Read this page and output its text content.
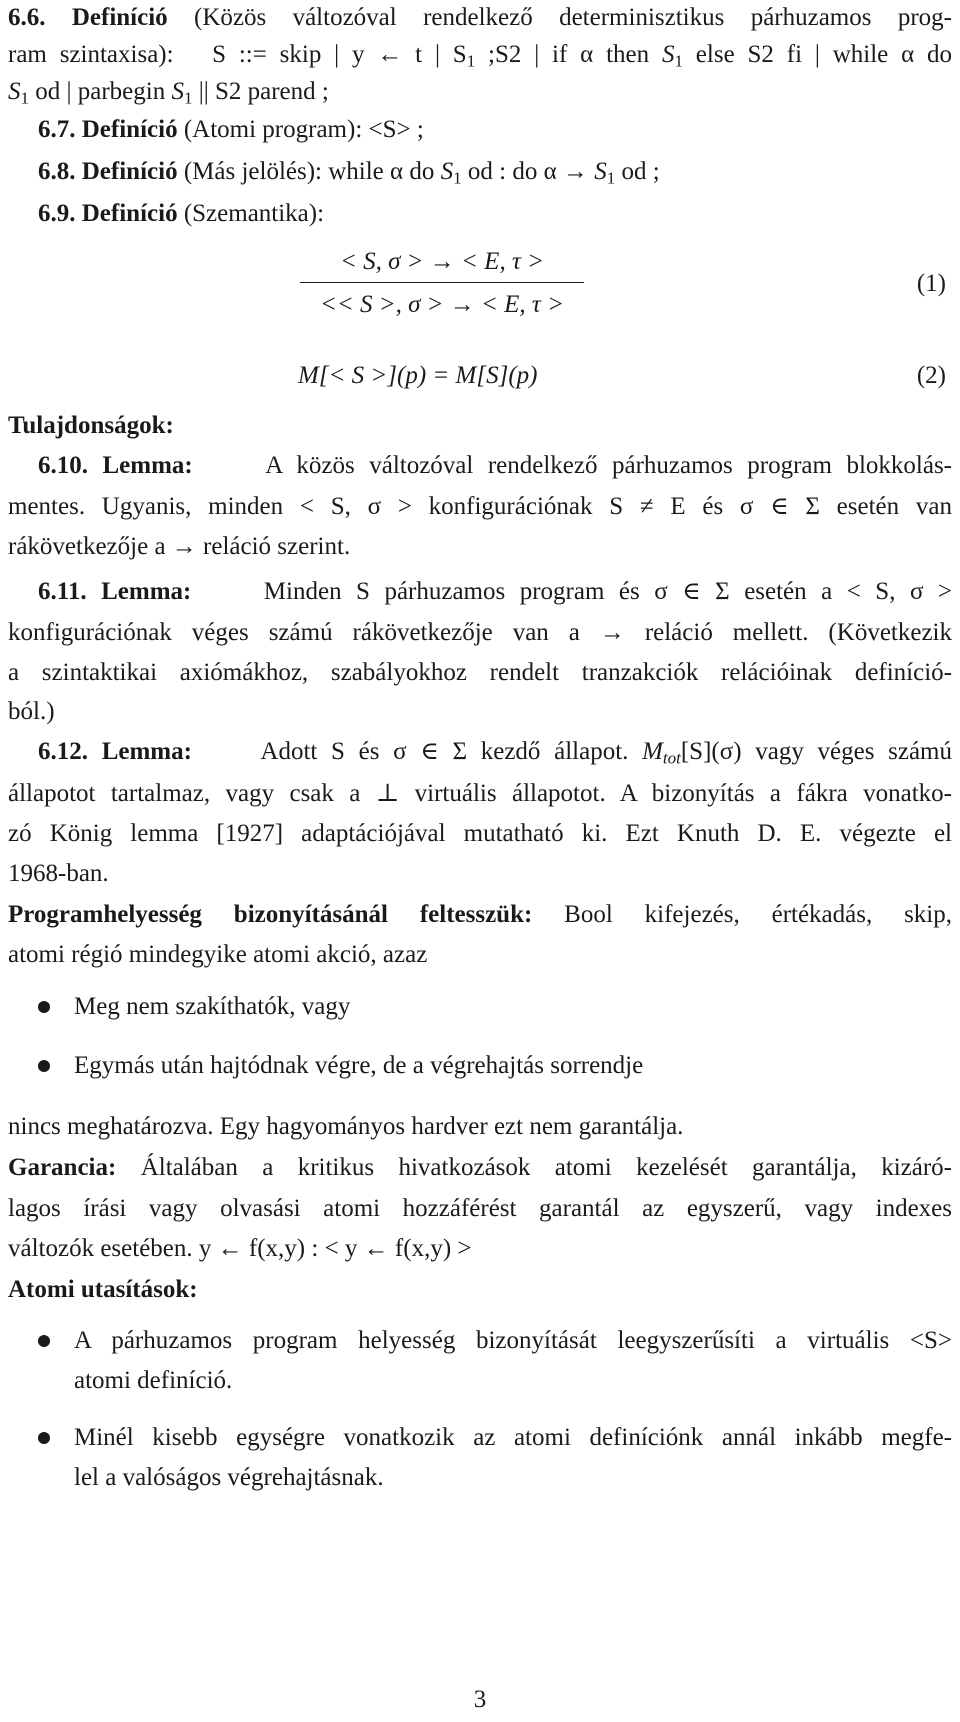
6.6. Definíció (Közös változóval rendelkező determinisztikus párhuzamos prog-
ram szintaxisa): S ::= skip | y ← t | $S_1$ ;S2 | if α then $S_1$ else S2 fi | while α do
$S_1$ od | parbegin $S_1$ || S2 parend ;
6.7. Definíció (Atomi program): <S> ;
6.8. Definíció (Más jelölés): while α do $S_1$ od : do $\alpha \to S_1$ od ;
6.9. Definíció (Szemantika):
$\frac{< S, \sigma > \to < E, \tau >}{<< S >, \sigma > \to < E, \tau >}$	(1)
M[< S >](p) = M[S](p)	(2)
Tulajdonságok:
6.10. Lemma:	A közös változóval rendelkező párhuzamos program blokkolás-
mentes. Ugyanis, minden < S, σ > konfigurációnak S ≠ E és σ ∈ Σ esetén van
rákövetkezője a → reláció szerint.
6.11. Lemma:	Minden S párhuzamos program és σ ∈ Σ esetén a < S, σ >
konfigurációnak véges számú rákövetkezője van a → reláció mellett. (Következik
a szintaktikai axiómákhoz, szabályokhoz rendelt tranzakciók relációinak definíció-
ból.)
6.12. Lemma:	Adott S és σ ∈ Σ kezdő állapot. $M_{tot}[S](\sigma)$ vagy véges számú
állapotot tartalmaz, vagy csak a ⊥ virtuális állapotot. A bizonyítás a fákra vonatko-
zó König lemma [1927] adaptációjával mutatható ki. Ezt Knuth D. E. végezte el
1968-ban.
Programhelyesség bizonyításánál feltesszük: Bool kifejezés, értékadás, skip,
atomi régió mindegyike atomi akció, azaz
Meg nem szakíthatók, vagy
Egymás után hajtódnak végre, de a végrehajtás sorrendje
nincs meghatározva. Egy hagyományos hardver ezt nem garantálja.
Garancia: Általában a kritikus hivatkozások atomi kezelését garantálja, kizáró-
lagos írási vagy olvasási atomi hozzáférést garantál az egyszerű, vagy indexes
változók esetében. y ← f(x,y) : < y ← f(x,y) >
Atomi utasítások:
A párhuzamos program helyesség bizonyítását leegyszerűsíti a virtuális <S>
atomi definíció.
Minél kisebb egységre vonatkozik az atomi definíciónk annál inkább megfe-
lel a valóságos végrehajtásnak.
3
